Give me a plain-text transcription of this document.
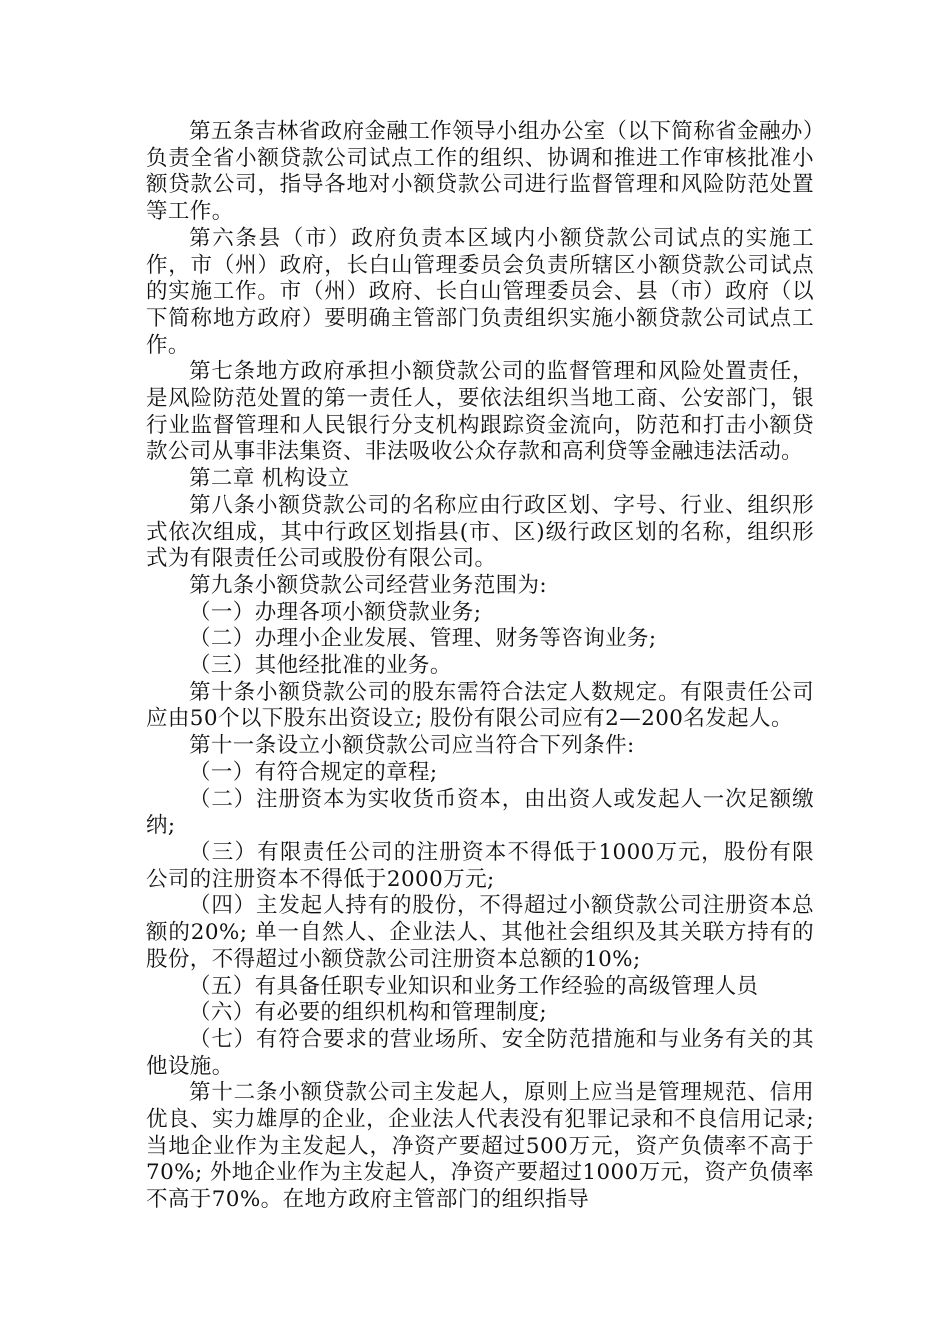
第五条吉林省政府金融工作领导小组办公室（以下简称省金融办）负责全省小额贷款公司试点工作的组织、协调和推进工作审核批准小额贷款公司，指导各地对小额贷款公司进行监督管理和风险防范处置等工作。

第六条县（市）政府负责本区域内小额贷款公司试点的实施工作，市（州）政府，长白山管理委员会负责所辖区小额贷款公司试点的实施工作。市（州）政府、长白山管理委员会、县（市）政府（以下简称地方政府）要明确主管部门负责组织实施小额贷款公司试点工作。

第七条地方政府承担小额贷款公司的监督管理和风险处置责任，是风险防范处置的第一责任人，要依法组织当地工商、公安部门，银行业监督管理和人民银行分支机构跟踪资金流向，防范和打击小额贷款公司从事非法集资、非法吸收公众存款和高利贷等金融违法活动。

第二章 机构设立

第八条小额贷款公司的名称应由行政区划、字号、行业、组织形式依次组成，其中行政区划指县(市、区)级行政区划的名称，组织形式为有限责任公司或股份有限公司。

第九条小额贷款公司经营业务范围为:

（一）办理各项小额贷款业务;

（二）办理小企业发展、管理、财务等咨询业务;

（三）其他经批准的业务。

第十条小额贷款公司的股东需符合法定人数规定。有限责任公司应由50个以下股东出资设立; 股份有限公司应有2—200名发起人。

第十一条设立小额贷款公司应当符合下列条件:

（一）有符合规定的章程;

（二）注册资本为实收货币资本，由出资人或发起人一次足额缴纳;

（三）有限责任公司的注册资本不得低于1000万元，股份有限公司的注册资本不得低于2000万元;

（四）主发起人持有的股份，不得超过小额贷款公司注册资本总额的20%; 单一自然人、企业法人、其他社会组织及其关联方持有的股份，不得超过小额贷款公司注册资本总额的10%;

（五）有具备任职专业知识和业务工作经验的高级管理人员

（六）有必要的组织机构和管理制度;

（七）有符合要求的营业场所、安全防范措施和与业务有关的其他设施。

第十二条小额贷款公司主发起人，原则上应当是管理规范、信用优良、实力雄厚的企业，企业法人代表没有犯罪记录和不良信用记录; 当地企业作为主发起人，净资产要超过500万元，资产负债率不高于70%; 外地企业作为主发起人，净资产要超过1000万元，资产负债率不高于70%。在地方政府主管部门的组织指导
